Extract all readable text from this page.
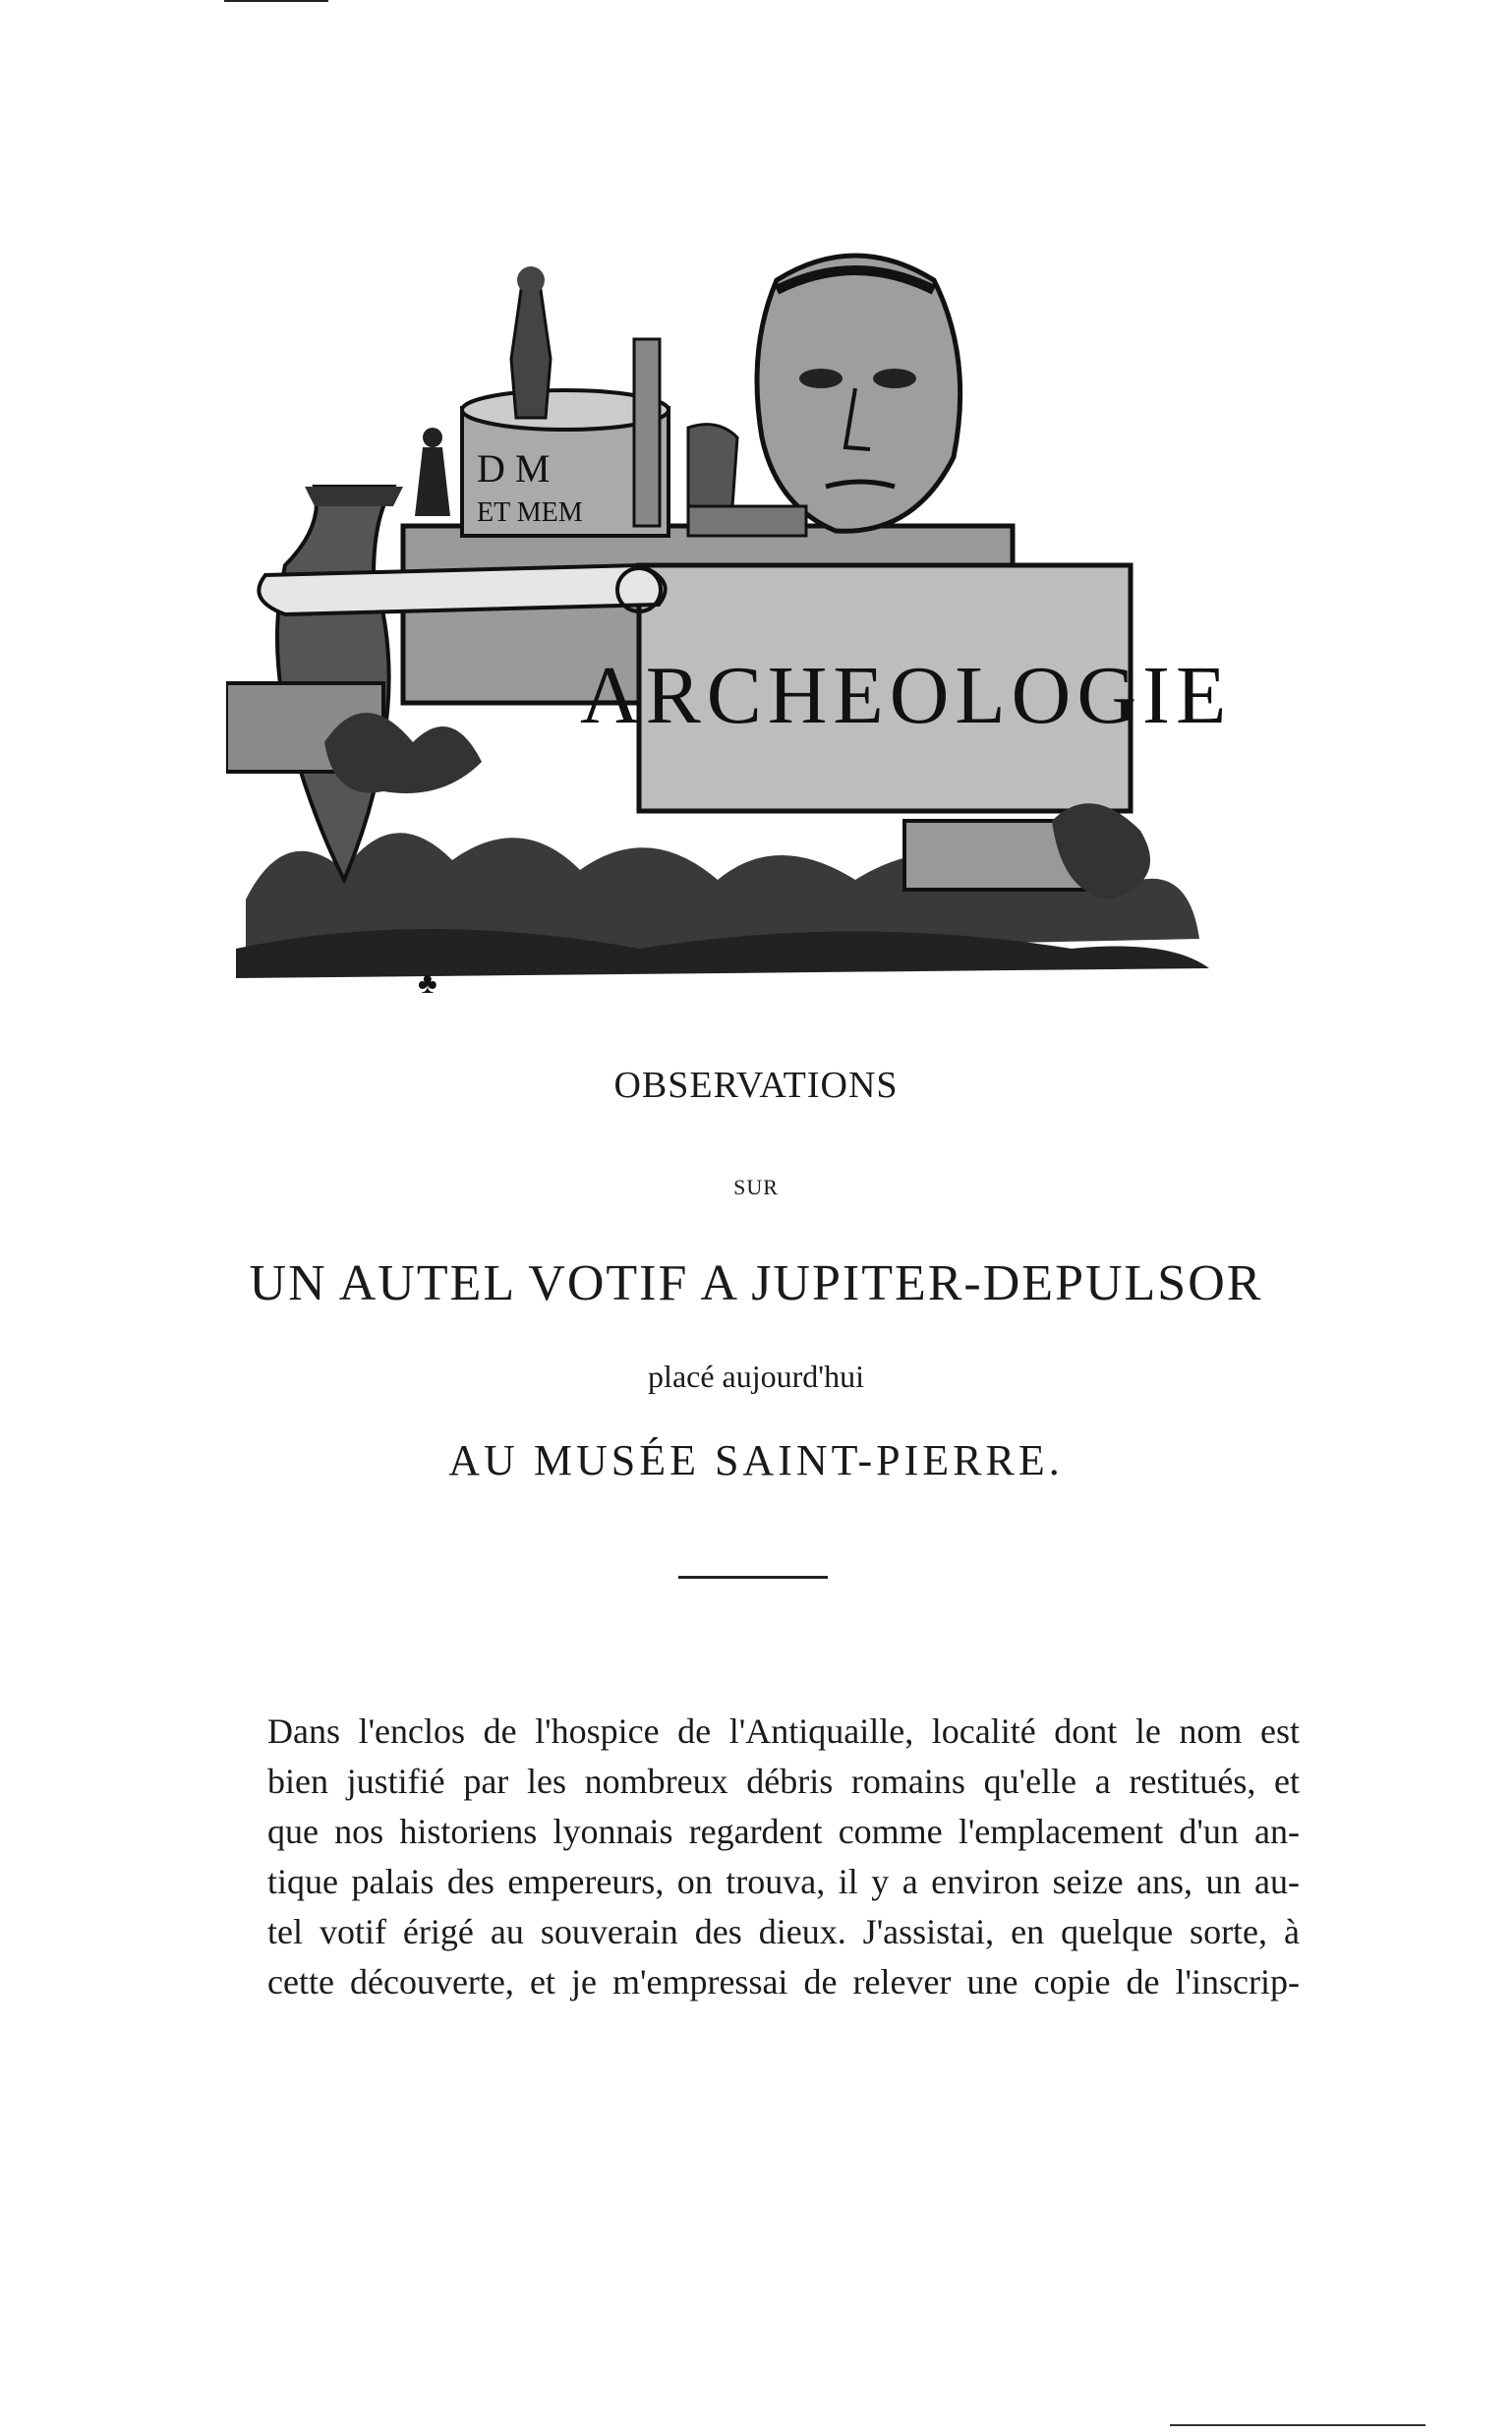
D M
ET MEM
ARCHEOLOGIE
♣
OBSERVATIONS
SUR
UN AUTEL VOTIF A JUPITER-DEPULSOR
placé aujourd'hui
AU MUSÉE SAINT-PIERRE.
Dans l'enclos de l'hospice de l'Antiquaille, localité dont le nom est
bien justifié par les nombreux débris romains qu'elle a restitués, et
que nos historiens lyonnais regardent comme l'emplacement d'un an-
tique palais des empereurs, on trouva, il y a environ seize ans, un au-
tel votif érigé au souverain des dieux. J'assistai, en quelque sorte, à
cette découverte, et je m'empressai de relever une copie de l'inscrip-
